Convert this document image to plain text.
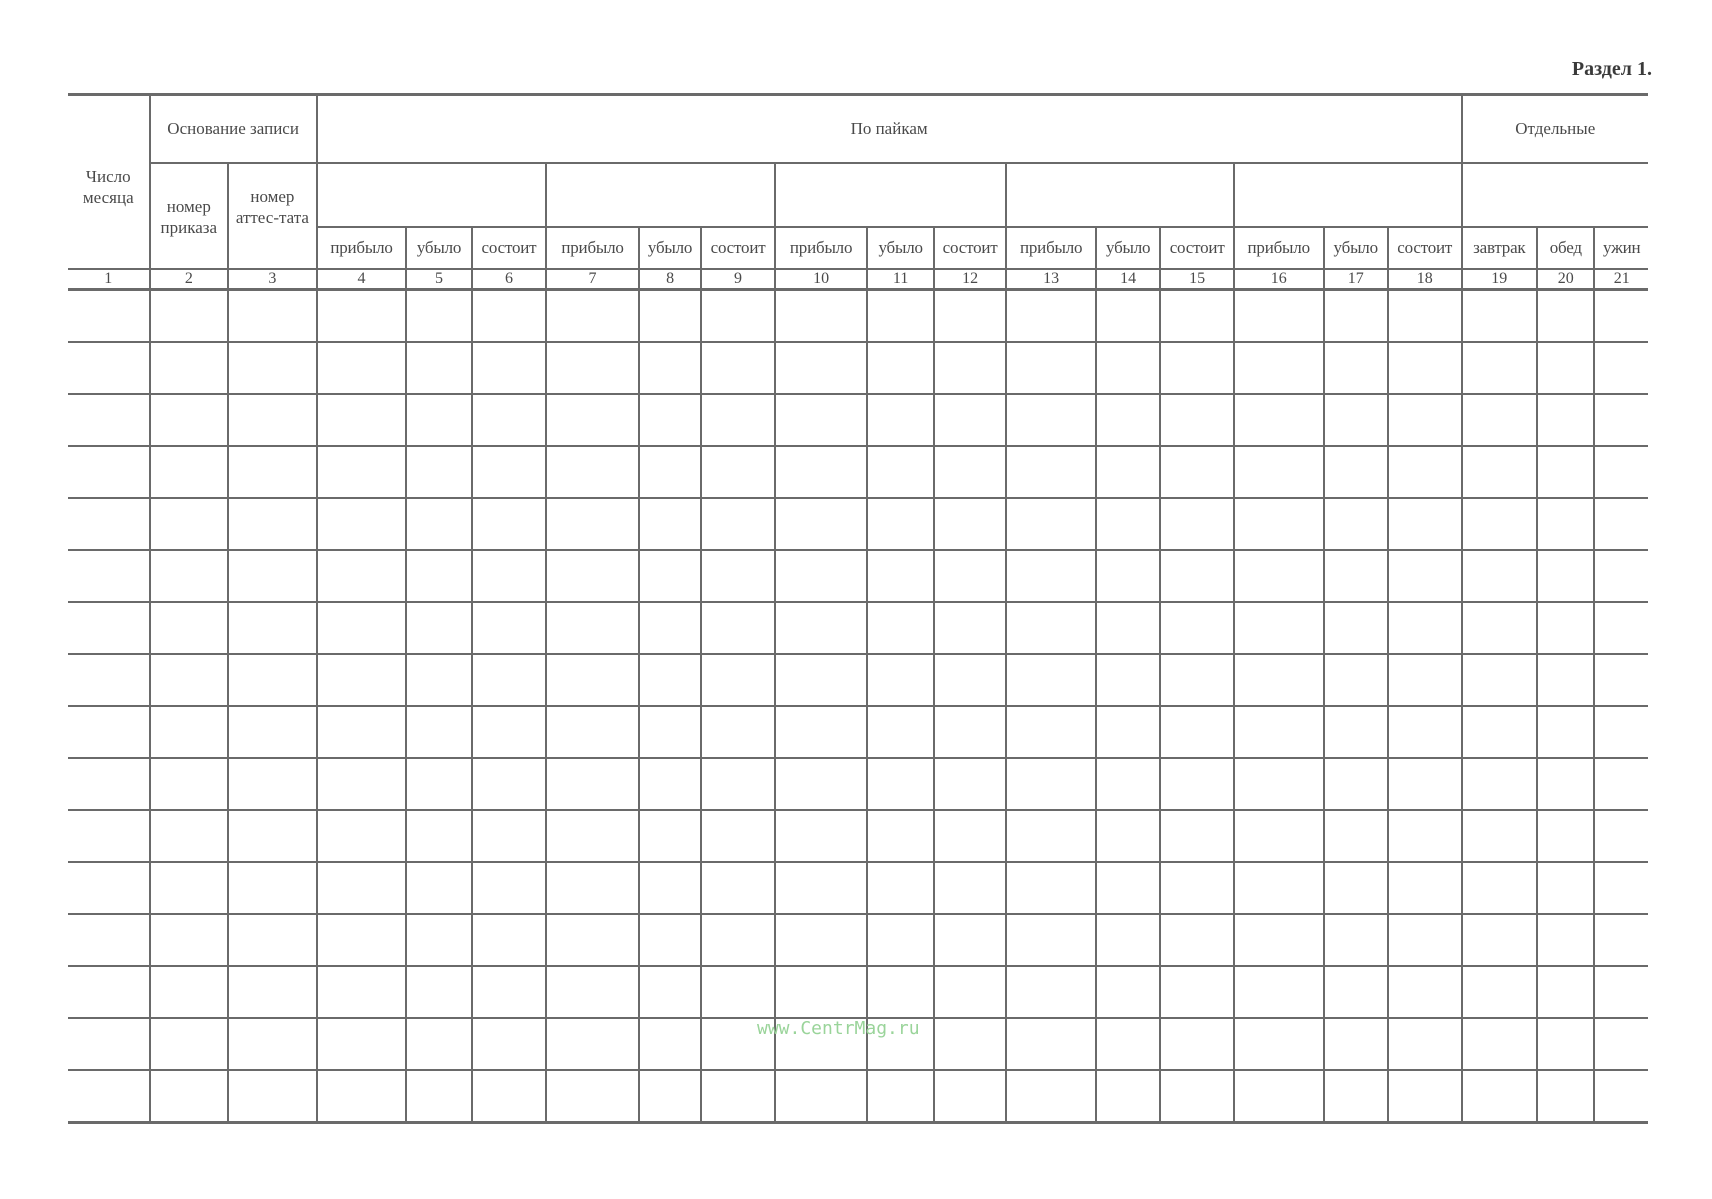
Раздел 1.
Число месяца	Основание записи		По пайкам															Отдельные		
	номер приказа	номер аттес-тата																		
			прибыло	убыло	состоит	прибыло	убыло	состоит	прибыло	убыло	состоит	прибыло	убыло	состоит	прибыло	убыло	состоит	завтрак	обед	ужин
1	2	3	4	5	6	7	8	9	10	11	12	13	14	15	16	17	18	19	20	21

www.CentrMag.ru
